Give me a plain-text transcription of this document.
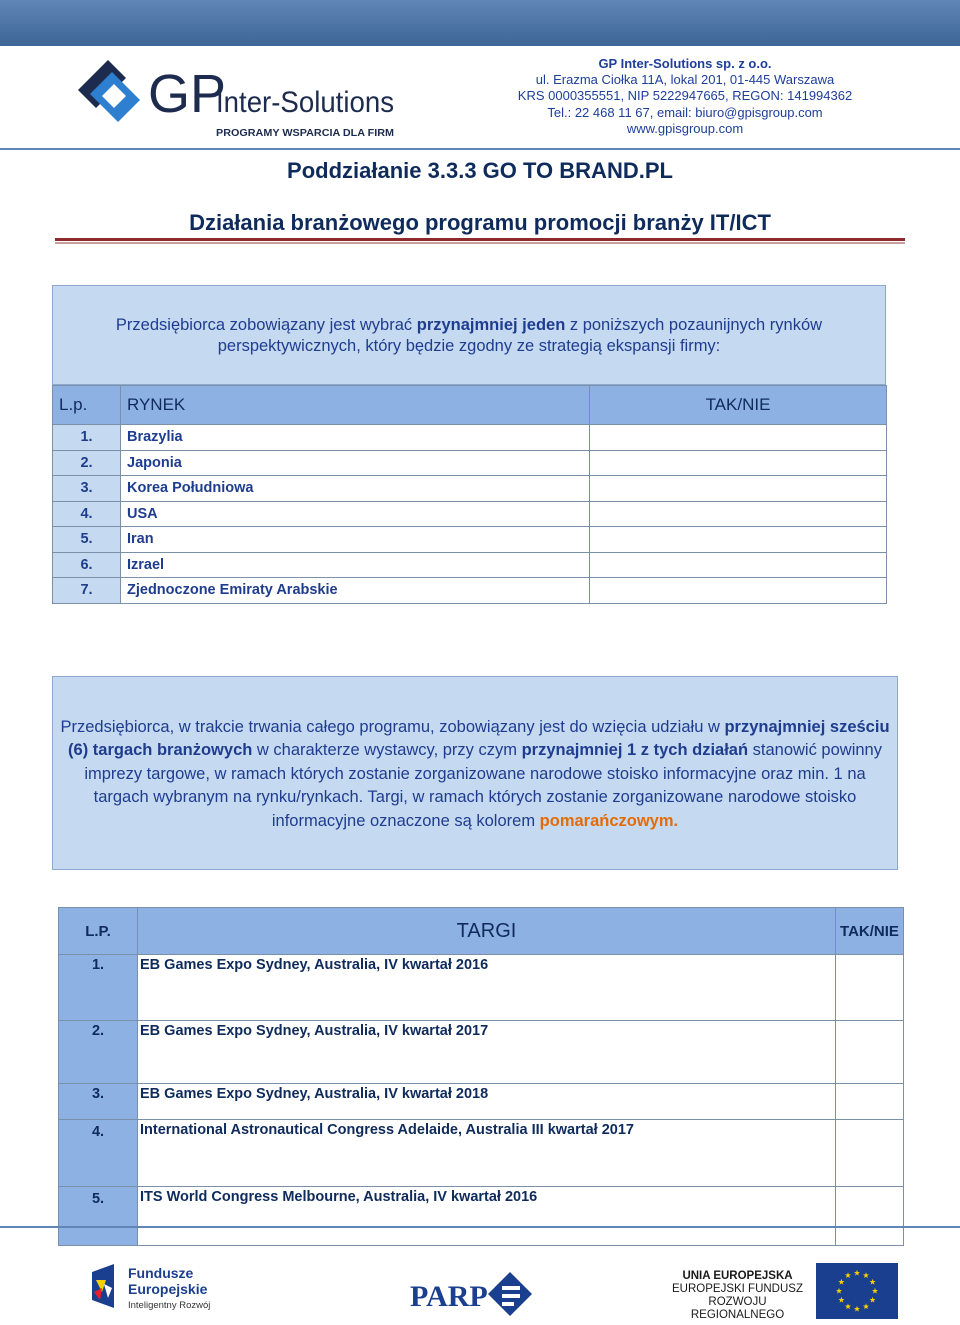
GP
Inter-Solutions
PROGRAMY WSPARCIA DLA FIRM
GP Inter-Solutions sp. z o.o.
ul. Erazma Ciołka 11A, lokal 201, 01-445 Warszawa
KRS 0000355551, NIP 5222947665, REGON: 141994362
Tel.: 22 468 11 67, email: biuro@gpisgroup.com
www.gpisgroup.com
Poddziałanie 3.3.3 GO TO BRAND.PL
Działania branżowego programu promocji branży IT/ICT
Przedsiębiorca zobowiązany jest wybrać przynajmniej jeden z poniższych pozaunijnych rynków perspektywicznych, który będzie zgodny ze strategią ekspansji firmy:
L.p.	RYNEK	TAK/NIE
1.	Brazylia	
2.	Japonia	
3.	Korea Południowa	
4.	USA	
5.	Iran	
6.	Izrael	
7.	Zjednoczone Emiraty Arabskie	
Przedsiębiorca, w trakcie trwania całego programu, zobowiązany jest do wzięcia udziału w przynajmniej sześciu (6) targach branżowych w charakterze wystawcy, przy czym przynajmniej 1 z tych działań stanowić powinny imprezy targowe, w ramach których zostanie zorganizowane narodowe stoisko informacyjne oraz min. 1 na targach wybranym na rynku/rynkach. Targi, w ramach których zostanie zorganizowane narodowe stoisko informacyjne oznaczone są kolorem pomarańczowym.
L.P.	TARGI	TAK/NIE
1.	EB Games Expo Sydney, Australia, IV kwartał 2016	
2.	EB Games Expo Sydney, Australia, IV kwartał 2017	
3.	EB Games Expo Sydney, Australia, IV kwartał 2018	
4.	International Astronautical Congress Adelaide, Australia III kwartał 2017	
5.	ITS World Congress Melbourne, Australia, IV kwartał 2016	
Fundusze
Europejskie
Inteligentny Rozwój	PARP
UNIA EUROPEJSKA
EUROPEJSKI FUNDUSZ
ROZWOJU REGIONALNEGO
